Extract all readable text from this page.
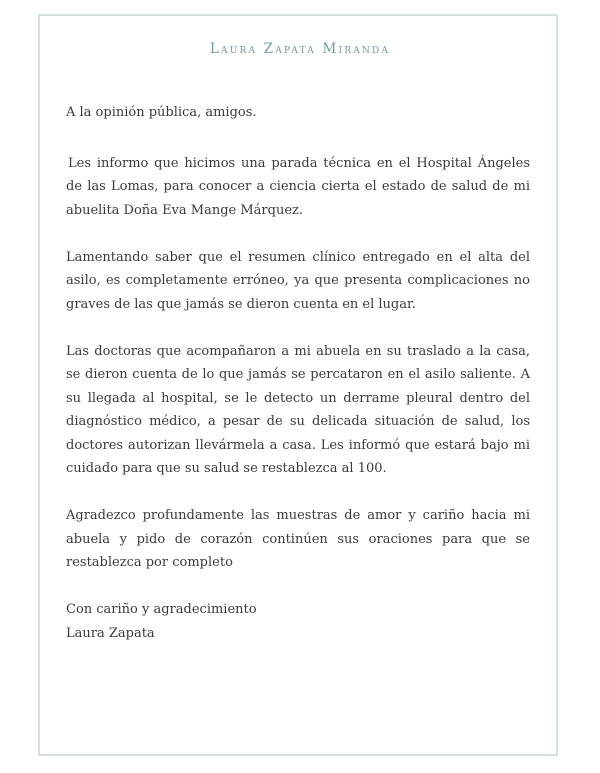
Laura Zapata Miranda

A la opinión pública, amigos.

Les informo que hicimos una parada técnica en el Hospital Ángeles de las Lomas, para conocer a ciencia cierta el estado de salud de mi abuelita Doña Eva Mange Márquez.

Lamentando saber que el resumen clínico entregado en el alta del asilo, es completamente erróneo, ya que presenta complicaciones no graves de las que jamás se dieron cuenta en el lugar.

Las doctoras que acompañaron a mi abuela en su traslado a la casa, se dieron cuenta de lo que jamás se percataron en el asilo saliente. A su llegada al hospital, se le detecto un derrame pleural dentro del diagnóstico médico, a pesar de su delicada situación de salud, los doctores autorizan llevármela a casa. Les informó que estará bajo mi cuidado para que su salud se restablezca al 100.

Agradezco profundamente las muestras de amor y cariño hacia mi abuela y pido de corazón continúen sus oraciones para que se restablezca por completo

Con cariño y agradecimiento

Laura Zapata
